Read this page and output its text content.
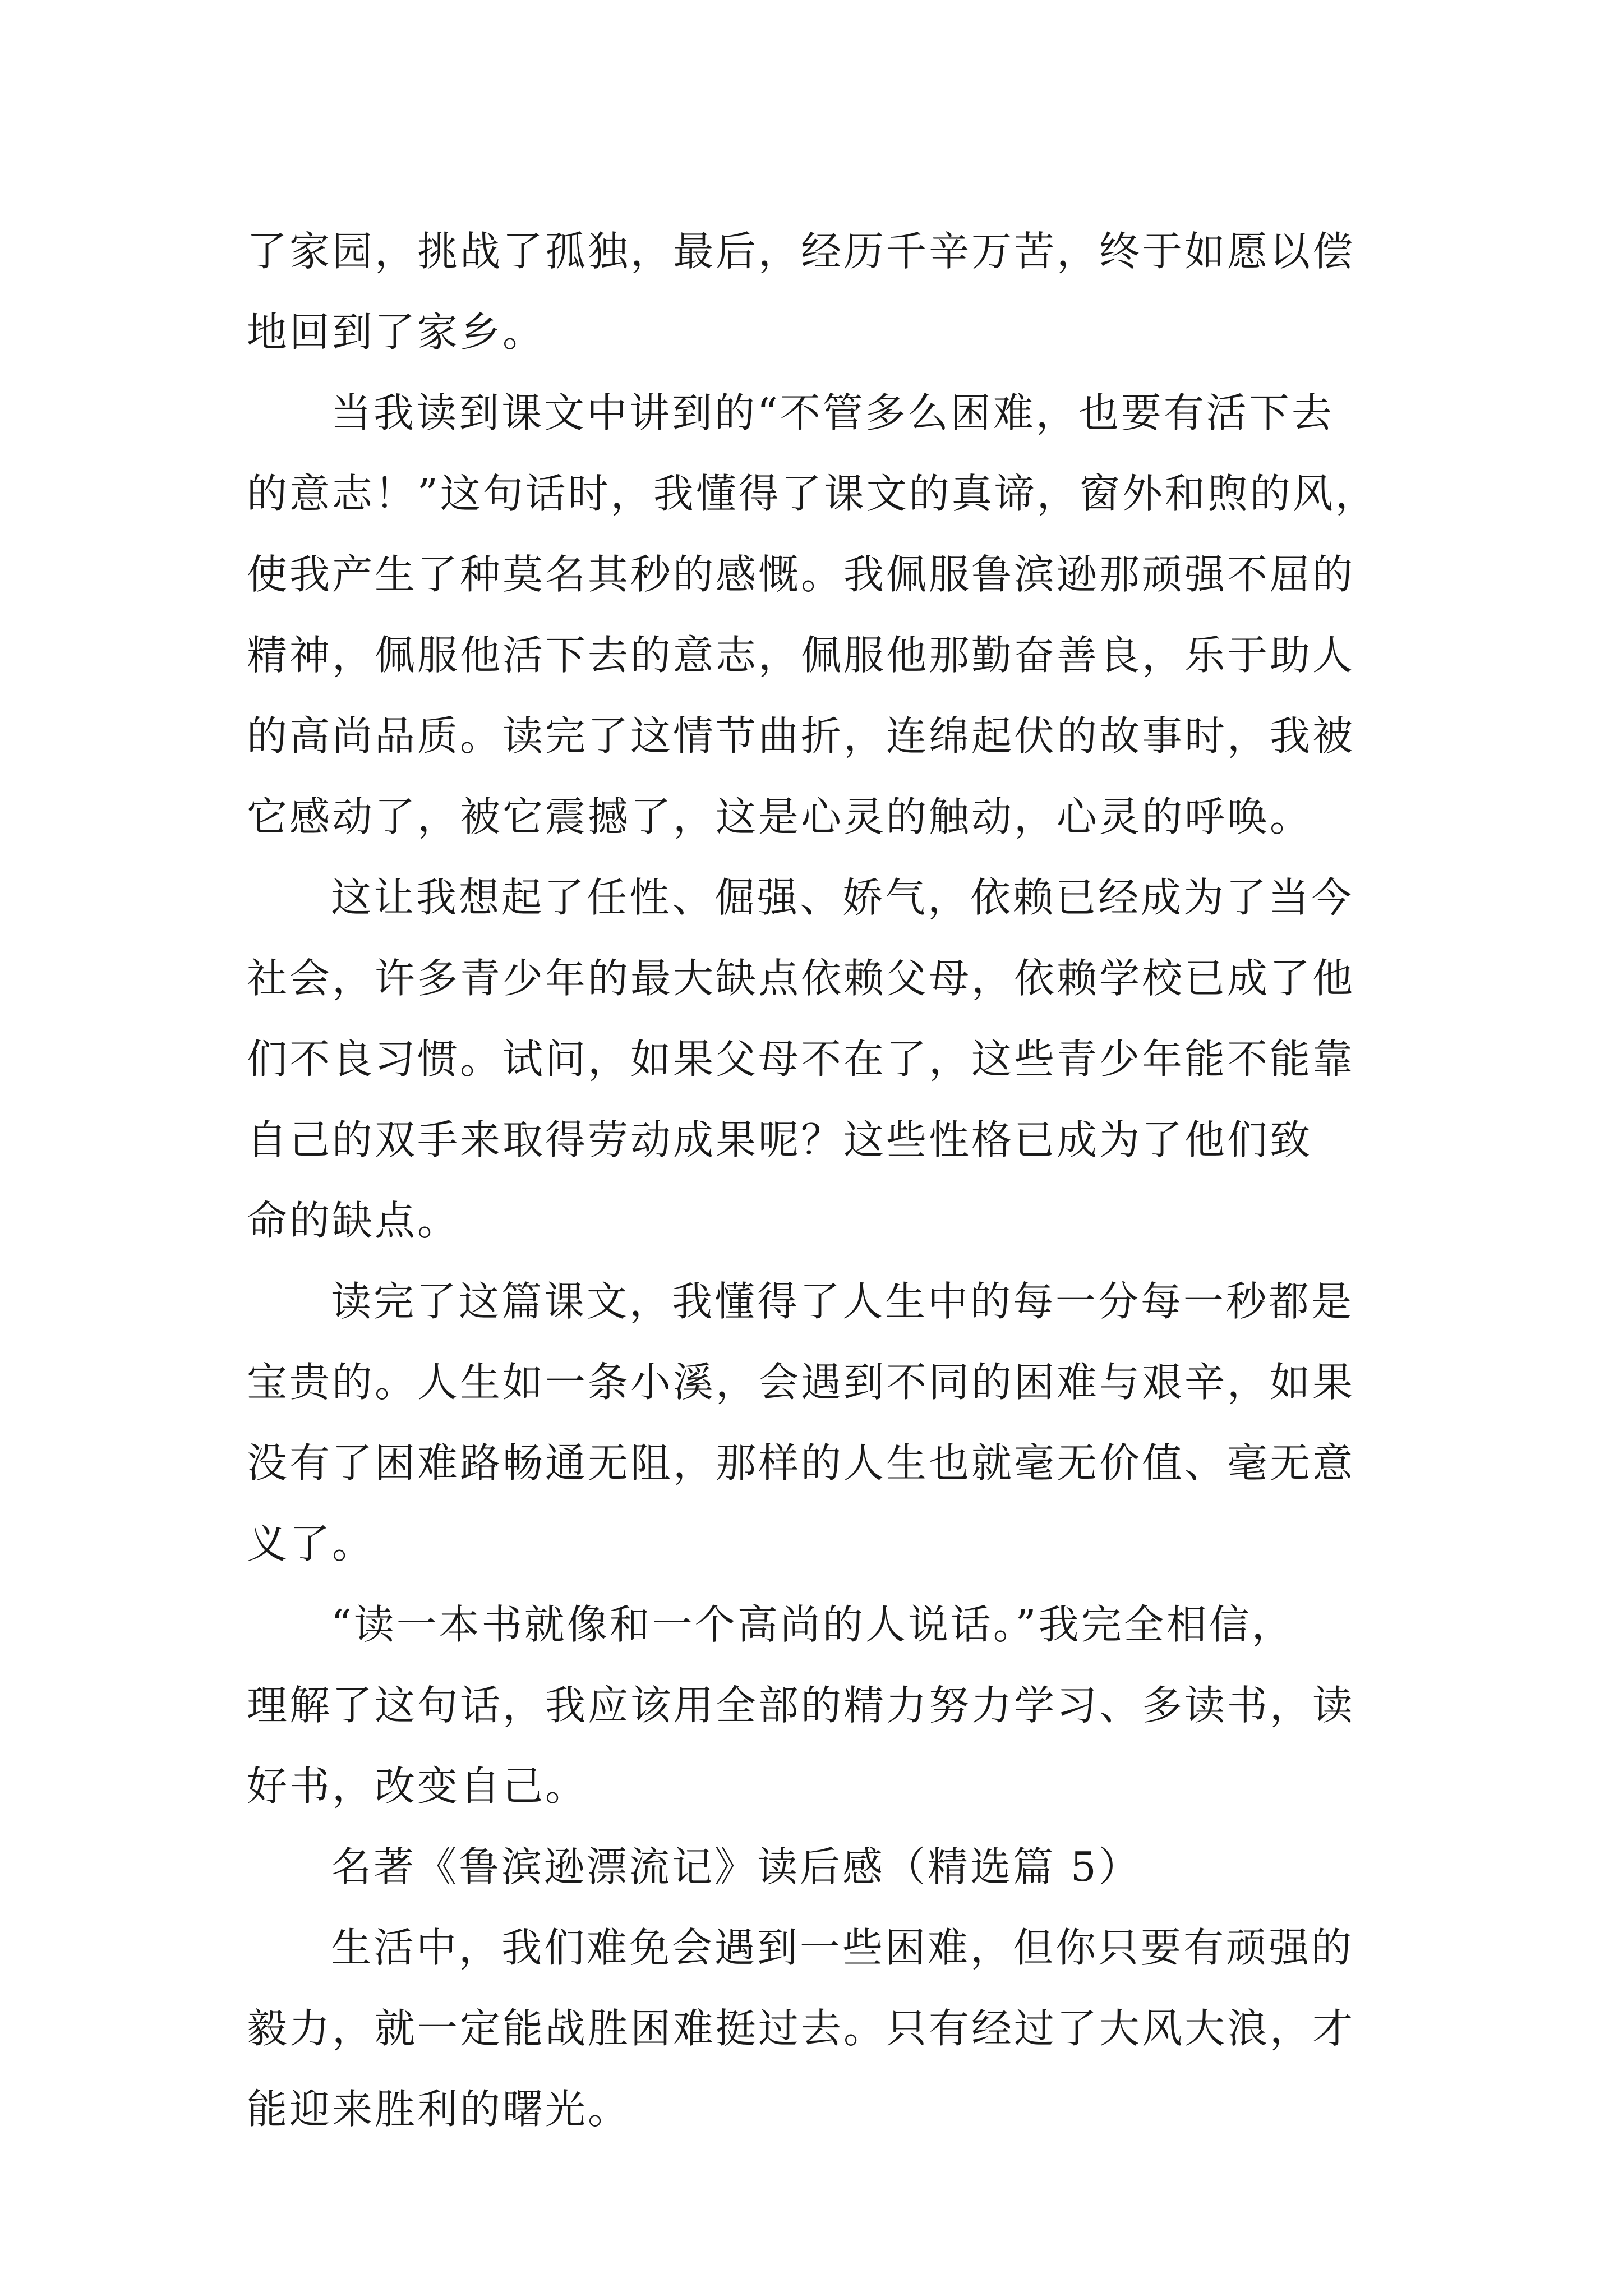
了家园，挑战了孤独，最后，经历千辛万苦，终于如愿以偿
地回到了家乡。
当我读到课文中讲到的“不管多么困难，也要有活下去
的意志！”这句话时，我懂得了课文的真谛，窗外和煦的风，
使我产生了种莫名其秒的感慨。我佩服鲁滨逊那顽强不屈的
精神，佩服他活下去的意志，佩服他那勤奋善良，乐于助人
的高尚品质。读完了这情节曲折，连绵起伏的故事时，我被
它感动了，被它震撼了，这是心灵的触动，心灵的呼唤。
这让我想起了任性、倔强、娇气，依赖已经成为了当今
社会，许多青少年的最大缺点依赖父母，依赖学校已成了他
们不良习惯。试问，如果父母不在了，这些青少年能不能靠
自己的双手来取得劳动成果呢？这些性格已成为了他们致
命的缺点。
读完了这篇课文，我懂得了人生中的每一分每一秒都是
宝贵的。人生如一条小溪，会遇到不同的困难与艰辛，如果
没有了困难路畅通无阻，那样的人生也就毫无价值、毫无意
义了。
“读一本书就像和一个高尚的人说话。”我完全相信，
理解了这句话，我应该用全部的精力努力学习、多读书，读
好书，改变自己。
名著《鲁滨逊漂流记》读后感（精选篇 5）
生活中，我们难免会遇到一些困难，但你只要有顽强的
毅力，就一定能战胜困难挺过去。只有经过了大风大浪，才
能迎来胜利的曙光。
